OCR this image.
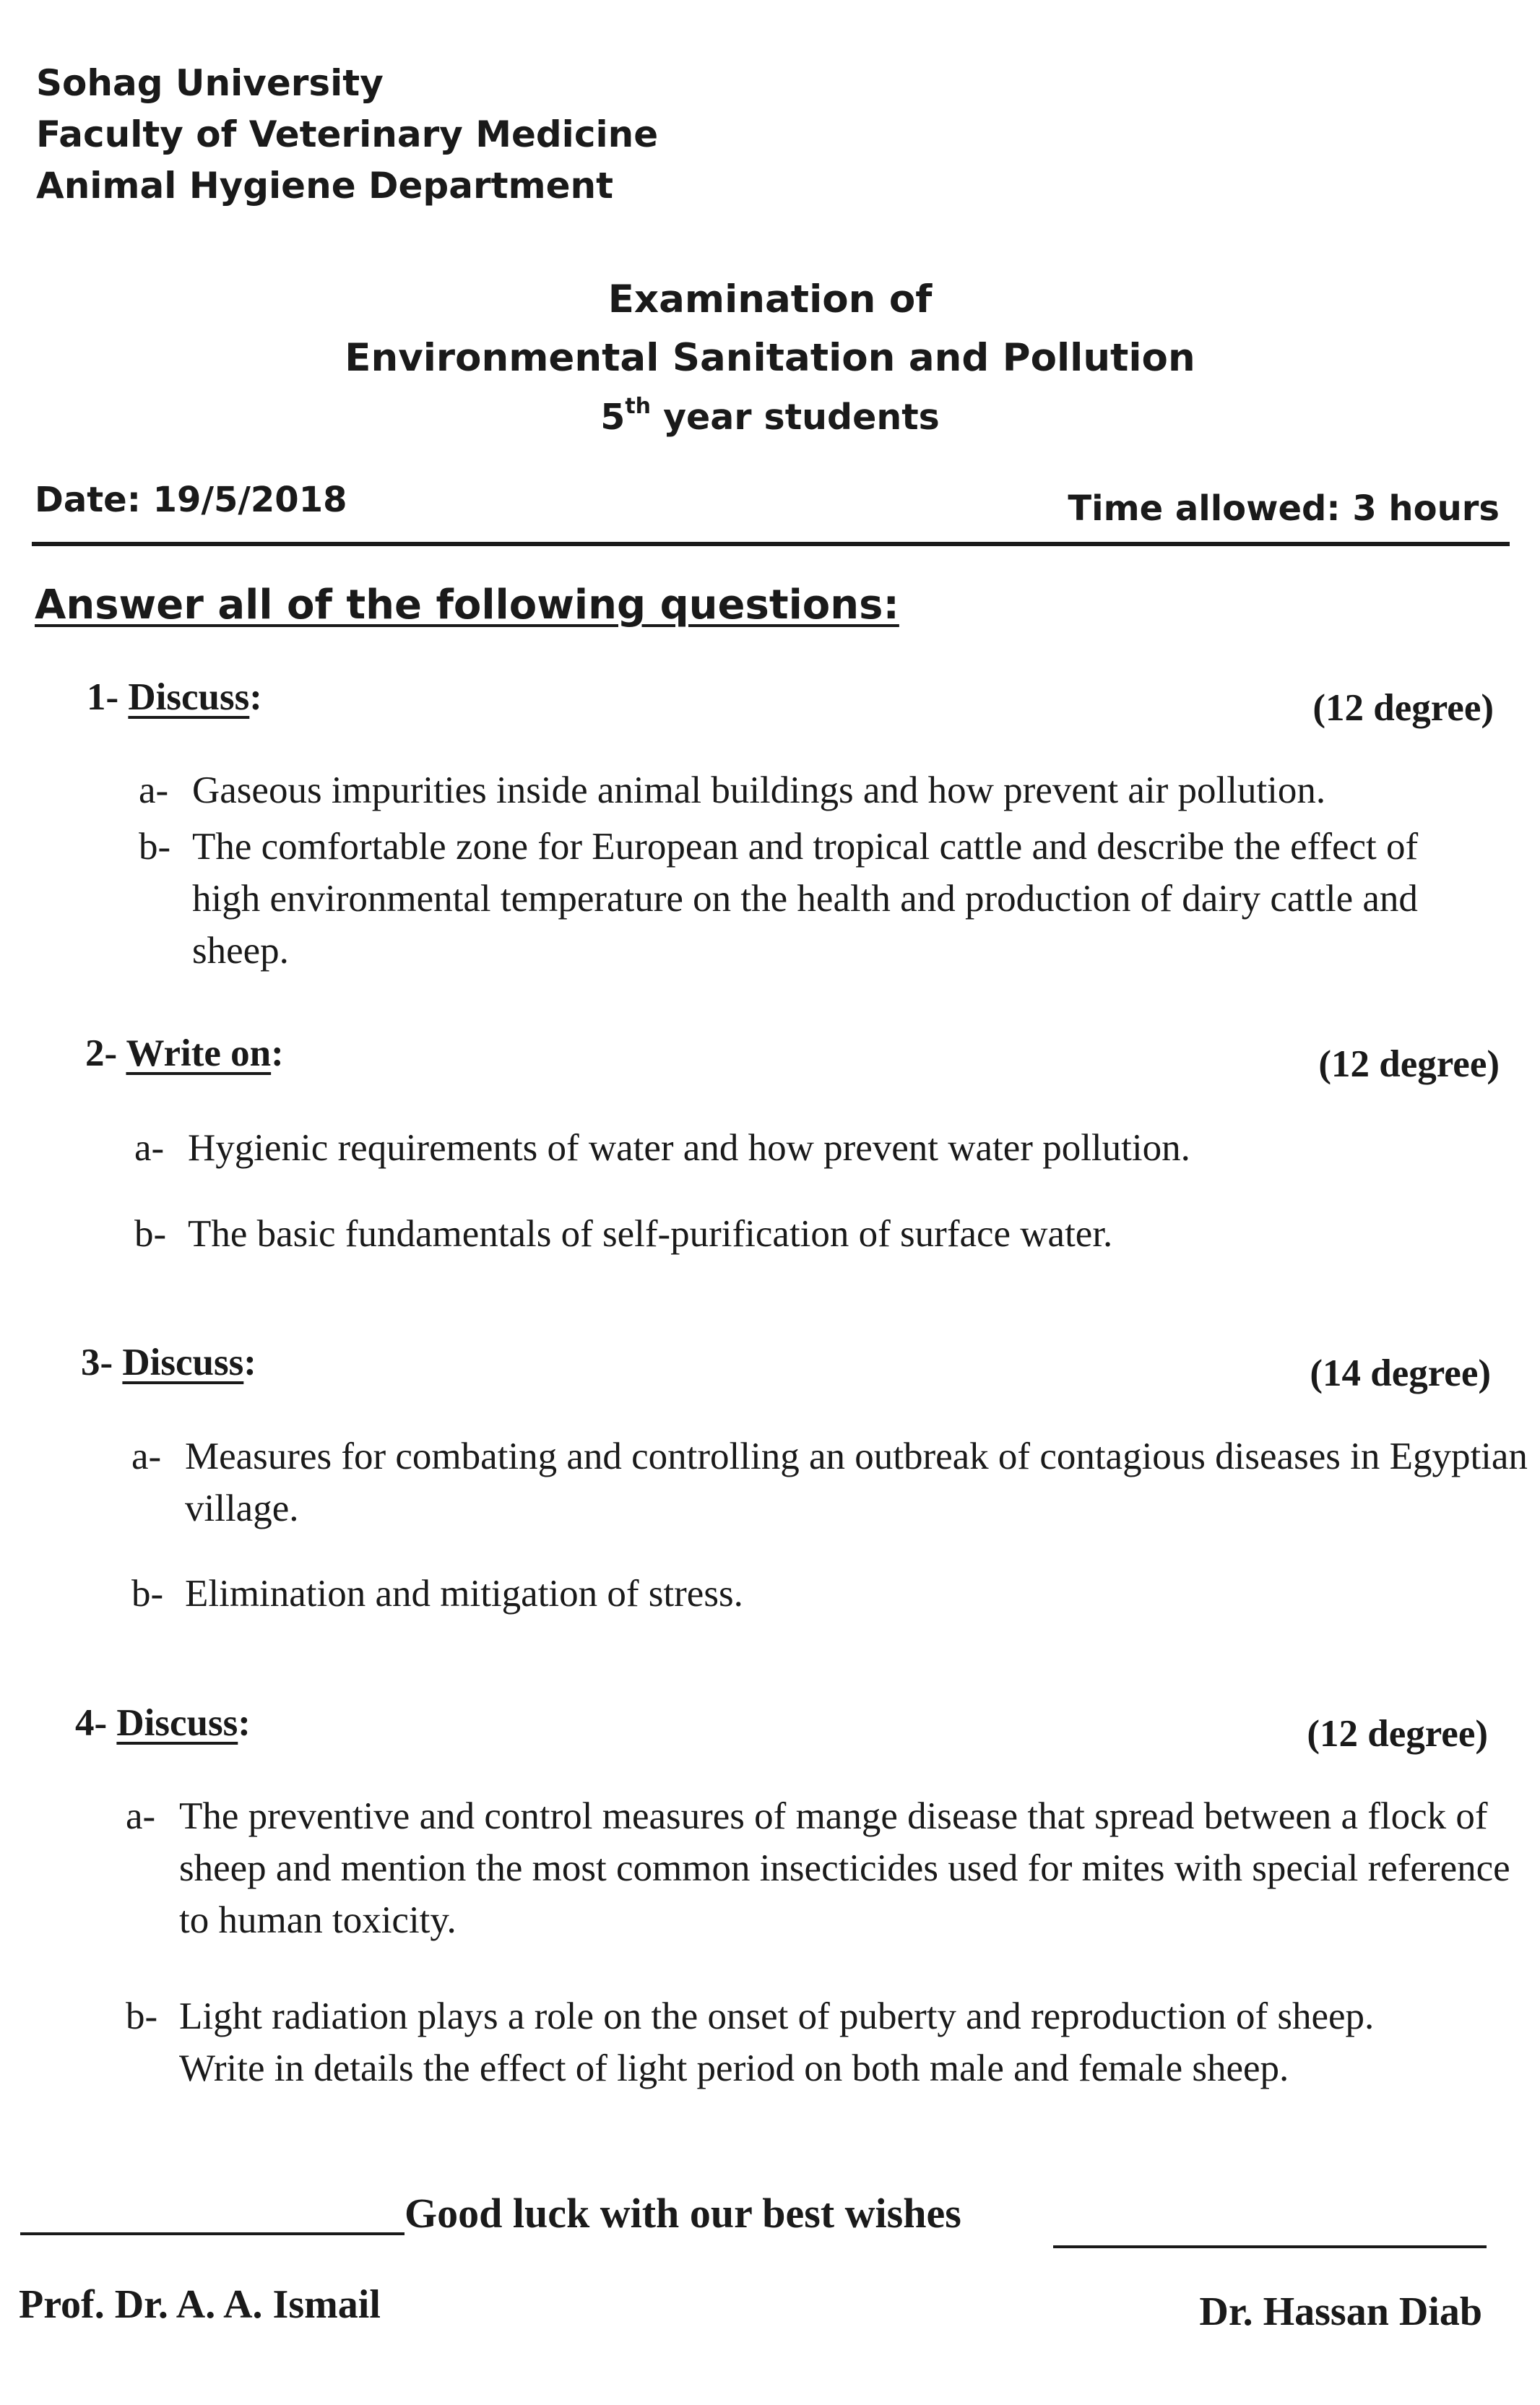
Sohag University
Faculty of Veterinary Medicine
Animal Hygiene Department
Examination of
Environmental Sanitation and Pollution
5th year students
Date: 19/5/2018	Time allowed: 3 hours
Answer all of the following questions:
1- Discuss:	(12 degree)
a- Gaseous impurities inside animal buildings and how prevent air pollution.
b- The comfortable zone for European and tropical cattle and describe the effect of high environmental temperature on the health and production of dairy cattle and sheep.
2- Write on:	(12 degree)
a- Hygienic requirements of water and how prevent water pollution.
b- The basic fundamentals of self-purification of surface water.
3- Discuss:	(14 degree)
a- Measures for combating and controlling an outbreak of contagious diseases in Egyptian village.
b- Elimination and mitigation of stress.
4- Discuss:	(12 degree)
a- The preventive and control measures of mange disease that spread between a flock of sheep and mention the most common insecticides used for mites with special reference to human toxicity.
b- Light radiation plays a role on the onset of puberty and reproduction of sheep. Write in details the effect of light period on both male and female sheep.
Good luck with our best wishes
Prof. Dr. A. A. Ismail	Dr. Hassan Diab
